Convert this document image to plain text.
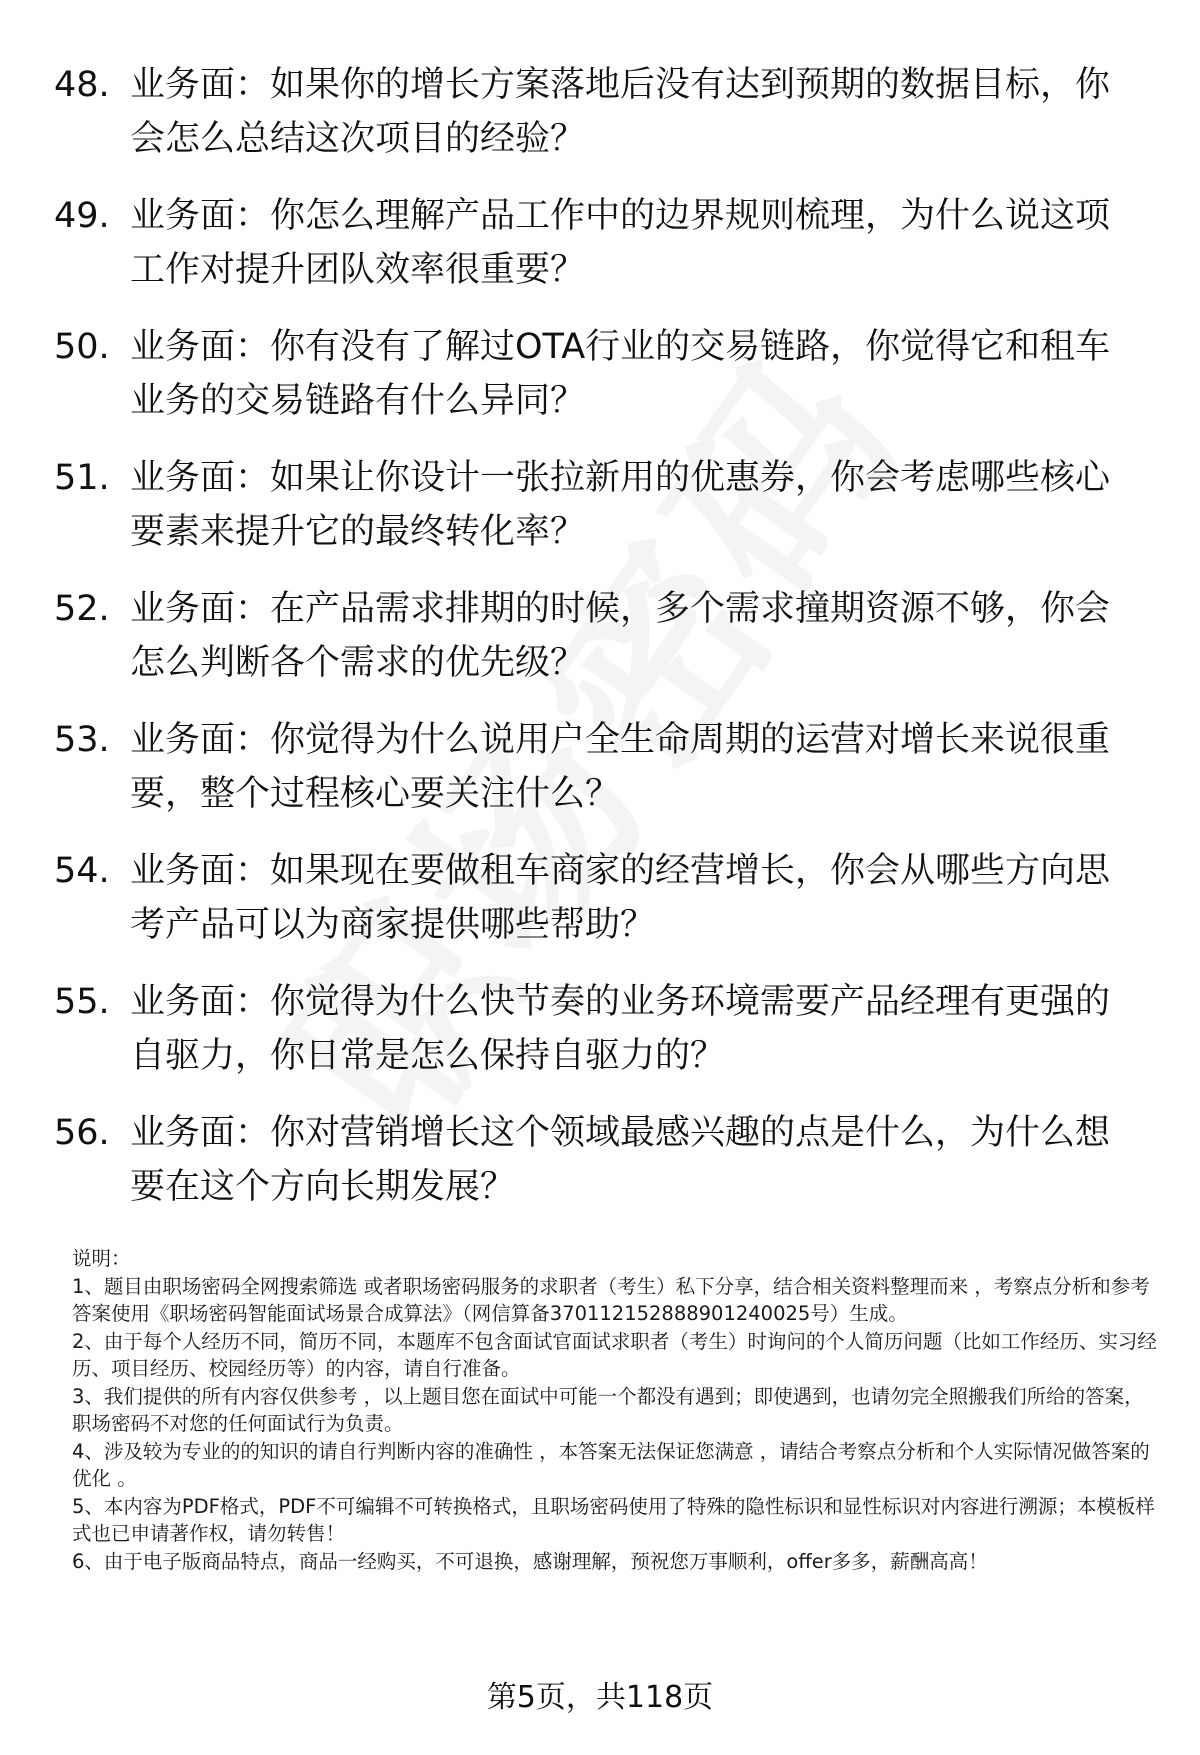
48. 业务面：如果你的增长方案落地后没有达到预期的数据目标，你会怎么总结这次项目的经验？
49. 业务面：你怎么理解产品工作中的边界规则梳理，为什么说这项工作对提升团队效率很重要？
50. 业务面：你有没有了解过OTA行业的交易链路，你觉得它和租车业务的交易链路有什么异同？
51. 业务面：如果让你设计一张拉新用的优惠券，你会考虑哪些核心要素来提升它的最终转化率？
52. 业务面：在产品需求排期的时候，多个需求撞期资源不够，你会怎么判断各个需求的优先级？
53. 业务面：你觉得为什么说用户全生命周期的运营对增长来说很重要，整个过程核心要关注什么？
54. 业务面：如果现在要做租车商家的经营增长，你会从哪些方向思考产品可以为商家提供哪些帮助？
55. 业务面：你觉得为什么快节奏的业务环境需要产品经理有更强的自驱力，你日常是怎么保持自驱力的？
56. 业务面：你对营销增长这个领域最感兴趣的点是什么，为什么想要在这个方向长期发展？

说明：

1、题目由职场密码全网搜索筛选 或者职场密码服务的求职者（考生）私下分享，结合相关资料整理而来 ，考察点分析和参考答案使用《职场密码智能面试场景合成算法》（网信算备370112152888901240025号）生成。

2、由于每个人经历不同，简历不同，本题库不包含面试官面试求职者（考生）时询问的个人简历问题（比如工作经历、实习经历、项目经历、校园经历等）的内容，请自行准备。

3、我们提供的所有内容仅供参考 ，以上题目您在面试中可能一个都没有遇到；即使遇到，也请勿完全照搬我们所给的答案，职场密码不对您的任何面试行为负责。

4、涉及较为专业的的知识的请自行判断内容的准确性 ，本答案无法保证您满意 ，请结合考察点分析和个人实际情况做答案的优化 。

5、本内容为PDF格式，PDF不可编辑不可转换格式，且职场密码使用了特殊的隐性标识和显性标识对内容进行溯源；本模板样式也已申请著作权，请勿转售！

6、由于电子版商品特点，商品一经购买，不可退换，感谢理解，预祝您万事顺利，offer多多，薪酬高高！

第5页，共118页
